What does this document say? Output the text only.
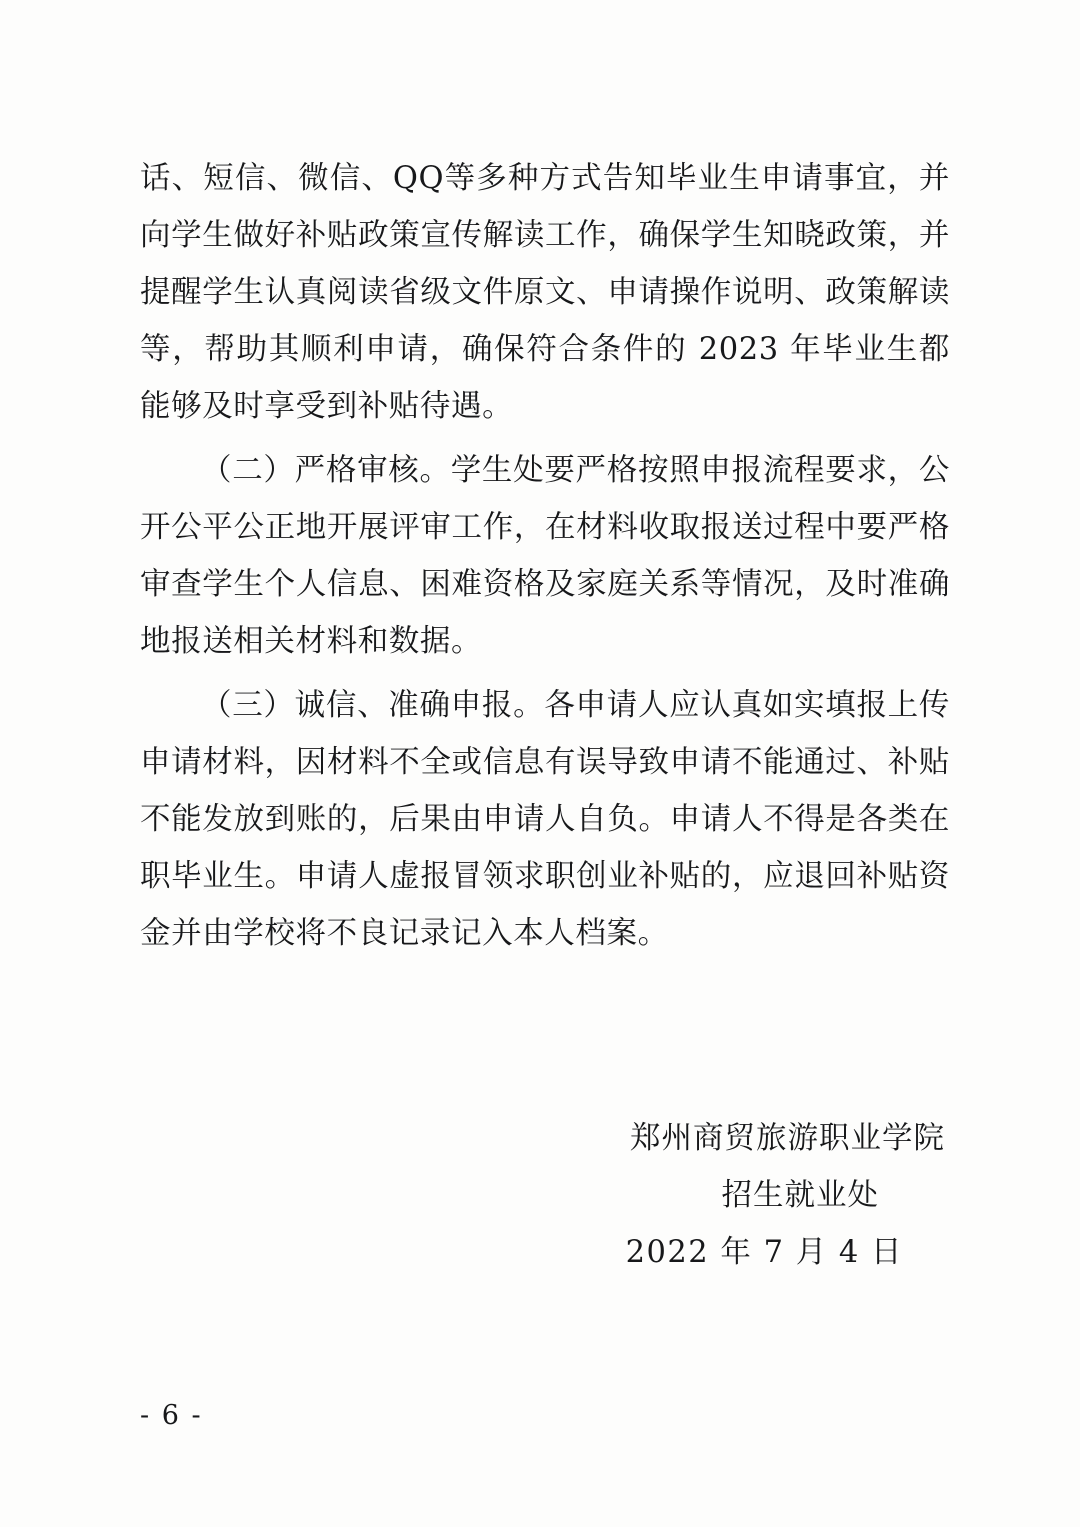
话、短信、微信、QQ等多种方式告知毕业生申请事宜，并向学生做好补贴政策宣传解读工作，确保学生知晓政策，并提醒学生认真阅读省级文件原文、申请操作说明、政策解读等，帮助其顺利申请，确保符合条件的 2023 年毕业生都能够及时享受到补贴待遇。

（二）严格审核。学生处要严格按照申报流程要求，公开公平公正地开展评审工作，在材料收取报送过程中要严格审查学生个人信息、困难资格及家庭关系等情况，及时准确地报送相关材料和数据。

（三）诚信、准确申报。各申请人应认真如实填报上传申请材料，因材料不全或信息有误导致申请不能通过、补贴不能发放到账的，后果由申请人自负。申请人不得是各类在职毕业生。申请人虚报冒领求职创业补贴的，应退回补贴资金并由学校将不良记录记入本人档案。

郑州商贸旅游职业学院
招生就业处
2022 年 7 月 4 日
- 6 -
